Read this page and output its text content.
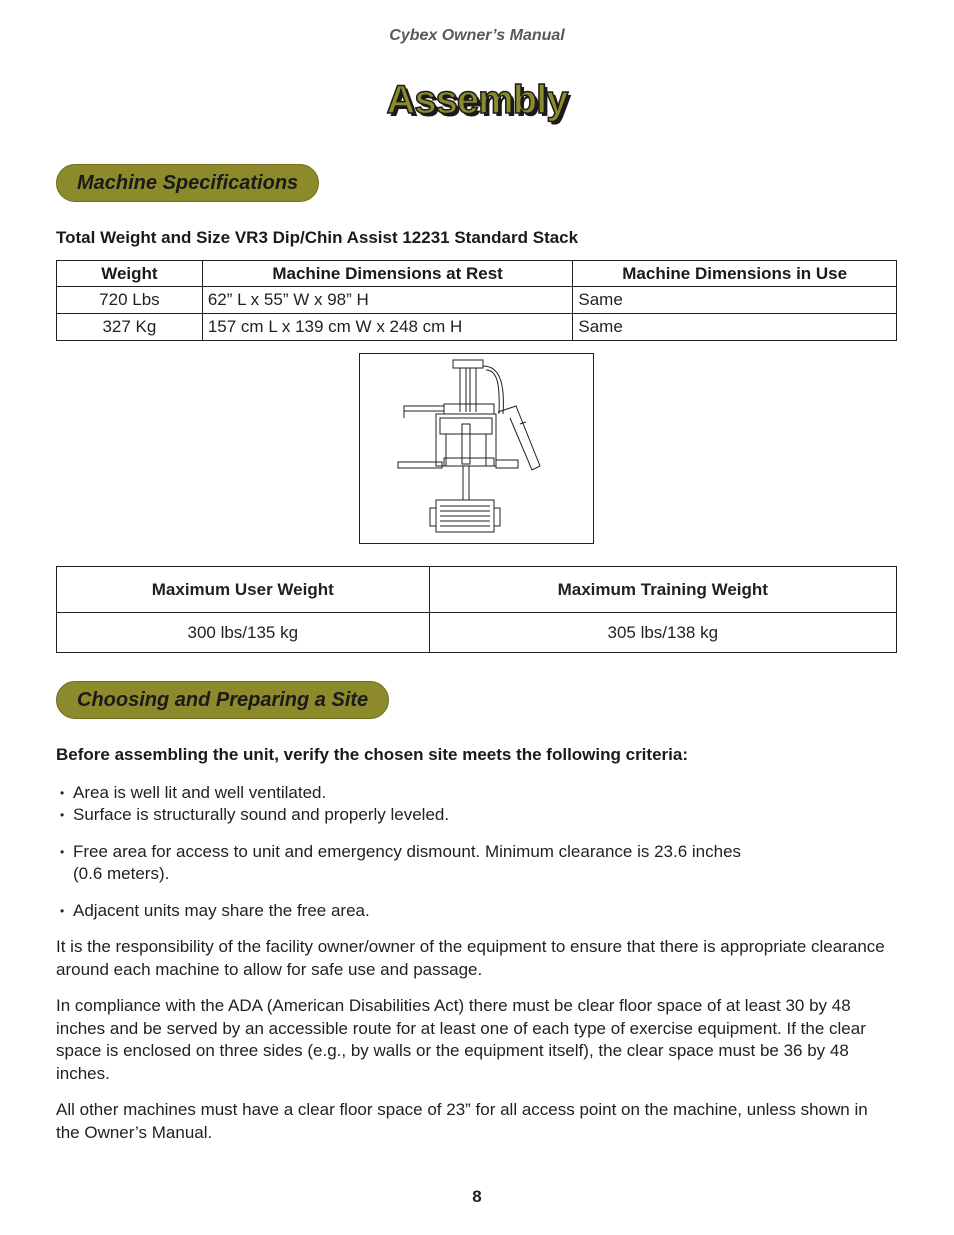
Cybex Owner’s Manual
Assembly
Machine Specifications
Total Weight and Size VR3 Dip/Chin Assist 12231 Standard Stack
Weight	Machine Dimensions at Rest	Machine Dimensions in Use
720 Lbs	62” L x 55” W x 98” H	Same
327 Kg	157 cm L x 139 cm W x 248 cm H	Same
Maximum User Weight	Maximum Training Weight
300 lbs/135 kg	305 lbs/138 kg
Choosing and Preparing a Site
Before assembling the unit, verify the chosen site meets the following criteria:
• Area is well lit and well ventilated.
• Surface is structurally sound and properly leveled.
• Free area for access to unit and emergency dismount. Minimum clearance is 23.6 inches
(0.6 meters).
• Adjacent units may share the free area.
It is the responsibility of the facility owner/owner of the equipment to ensure that there is appropriate clearance around each machine to allow for safe use and passage.
In compliance with the ADA (American Disabilities Act) there must be clear floor space of at least 30 by 48 inches and be served by an accessible route for at least one of each type of exercise equipment. If the clear space is enclosed on three sides (e.g., by walls or the equipment itself), the clear space must be 36 by 48 inches.
All other machines must have a clear floor space of 23” for all access point on the machine, unless shown in the Owner’s Manual.
8
